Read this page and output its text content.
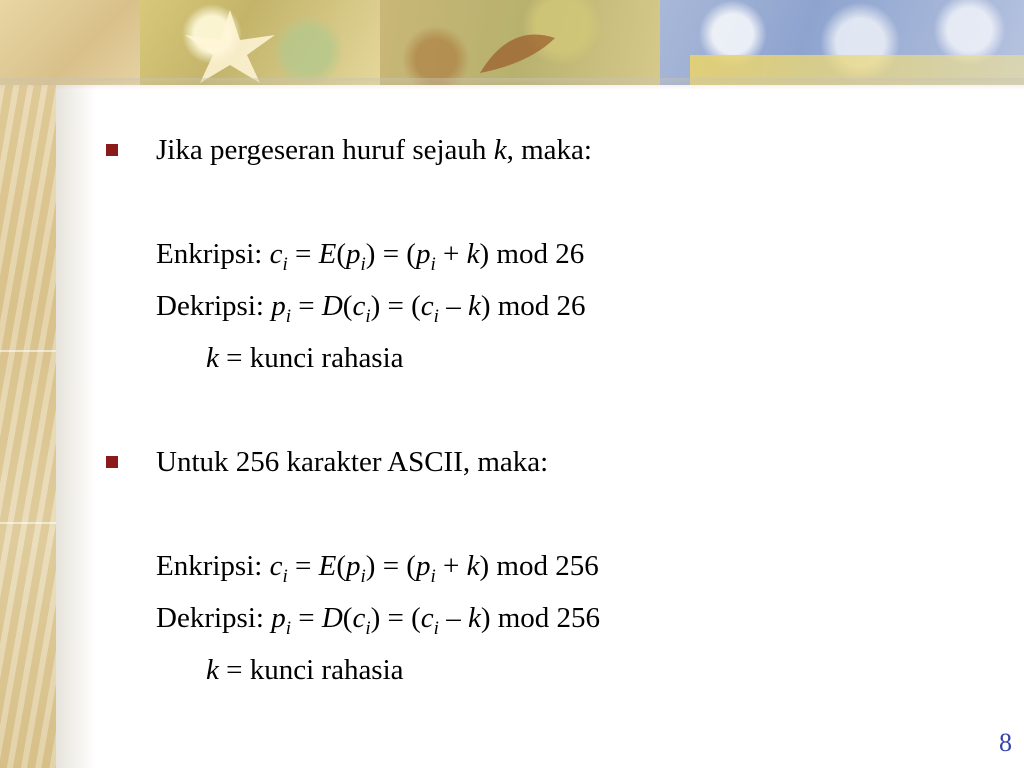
Jika pergeseran huruf sejauh k, maka:
Enkripsi: $c_i = E(p_i) = (p_i + k)$ mod 26
Dekripsi: $p_i = D(c_i) = (c_i - k)$ mod 26
k = kunci rahasia
Untuk 256 karakter ASCII, maka:
Enkripsi: $c_i = E(p_i) = (p_i + k)$ mod 256
Dekripsi: $p_i = D(c_i) = (c_i - k)$ mod 256
k = kunci rahasia
8
